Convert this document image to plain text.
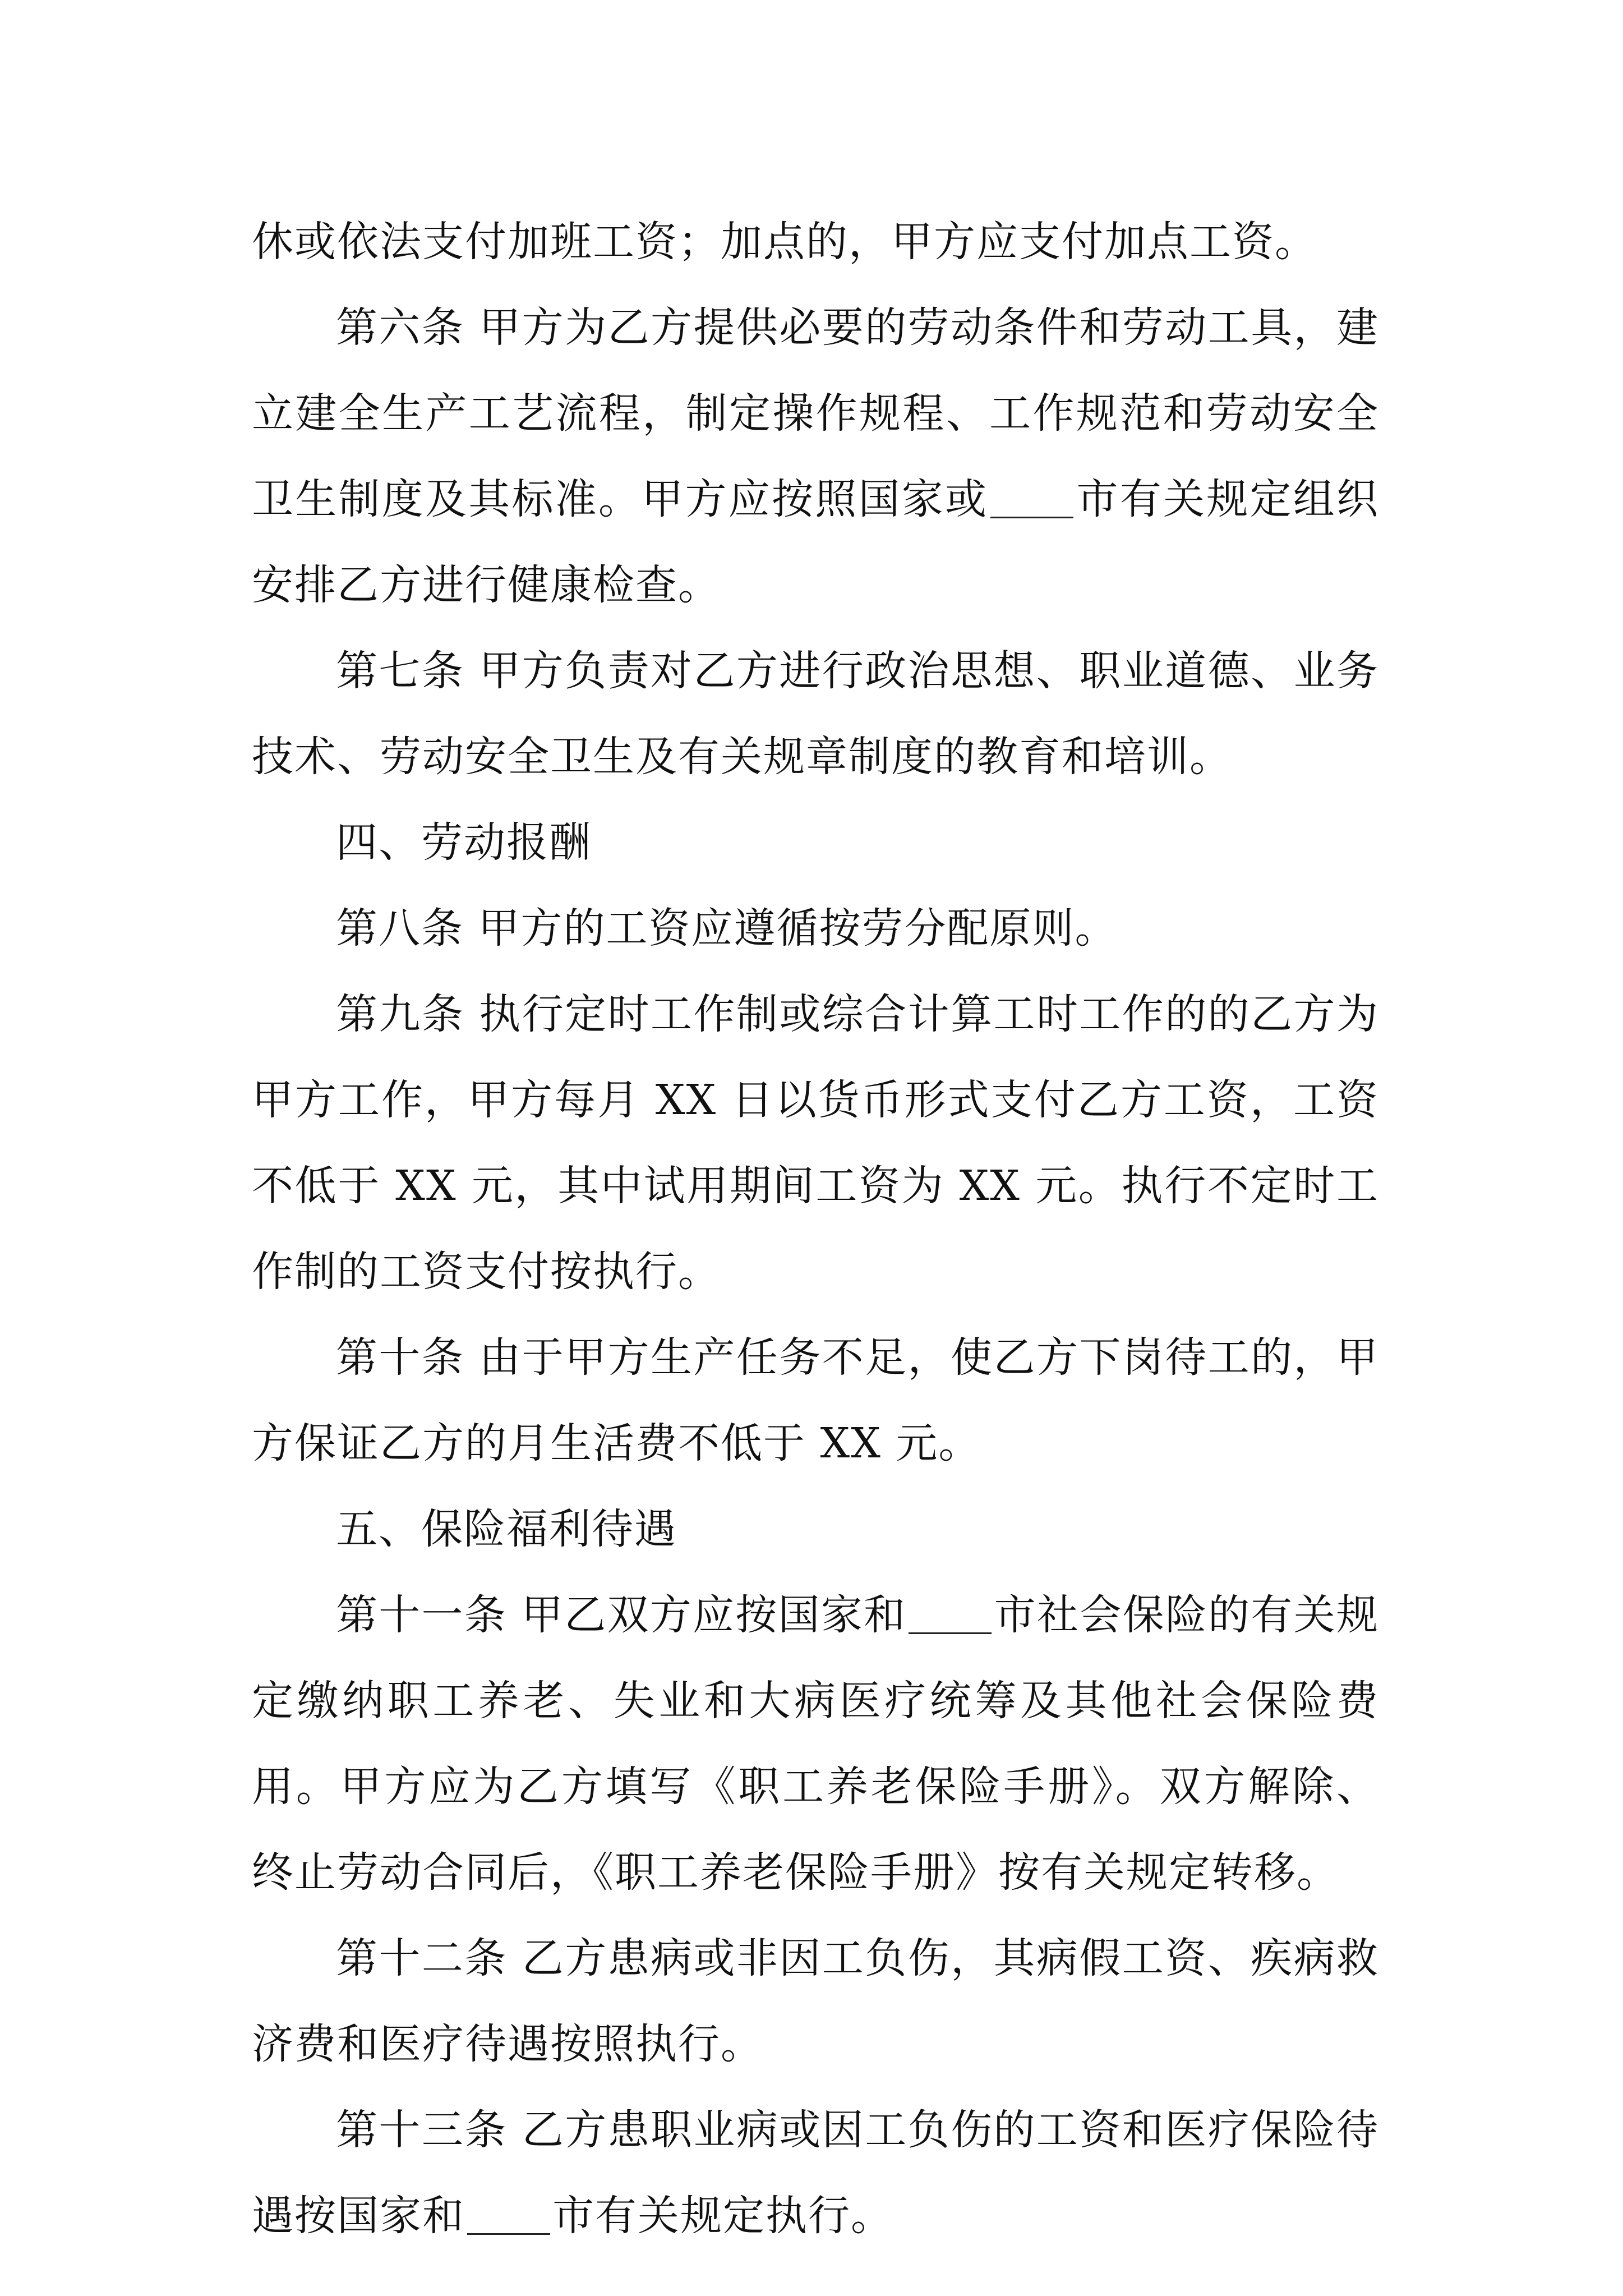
休或依法支付加班工资；加点的，甲方应支付加点工资。

第六条 甲方为乙方提供必要的劳动条件和劳动工具，建立建全生产工艺流程，制定操作规程、工作规范和劳动安全卫生制度及其标准。甲方应按照国家或 市有关规定组织安排乙方进行健康检查。

第七条 甲方负责对乙方进行政治思想、职业道德、业务技术、劳动安全卫生及有关规章制度的教育和培训。

四、劳动报酬

第八条 甲方的工资应遵循按劳分配原则。

第九条 执行定时工作制或综合计算工时工作的的乙方为甲方工作，甲方每月 XX 日以货币形式支付乙方工资，工资不低于 XX 元，其中试用期间工资为 XX 元。执行不定时工作制的工资支付按执行。

第十条 由于甲方生产任务不足，使乙方下岗待工的，甲方保证乙方的月生活费不低于 XX 元。

五、保险福利待遇

第十一条 甲乙双方应按国家和 市社会保险的有关规定缴纳职工养老、失业和大病医疗统筹及其他社会保险费用。甲方应为乙方填写《职工养老保险手册》。双方解除、终止劳动合同后，《职工养老保险手册》按有关规定转移。

第十二条 乙方患病或非因工负伤，其病假工资、疾病救济费和医疗待遇按照执行。

第十三条 乙方患职业病或因工负伤的工资和医疗保险待遇按国家和 市有关规定执行。
